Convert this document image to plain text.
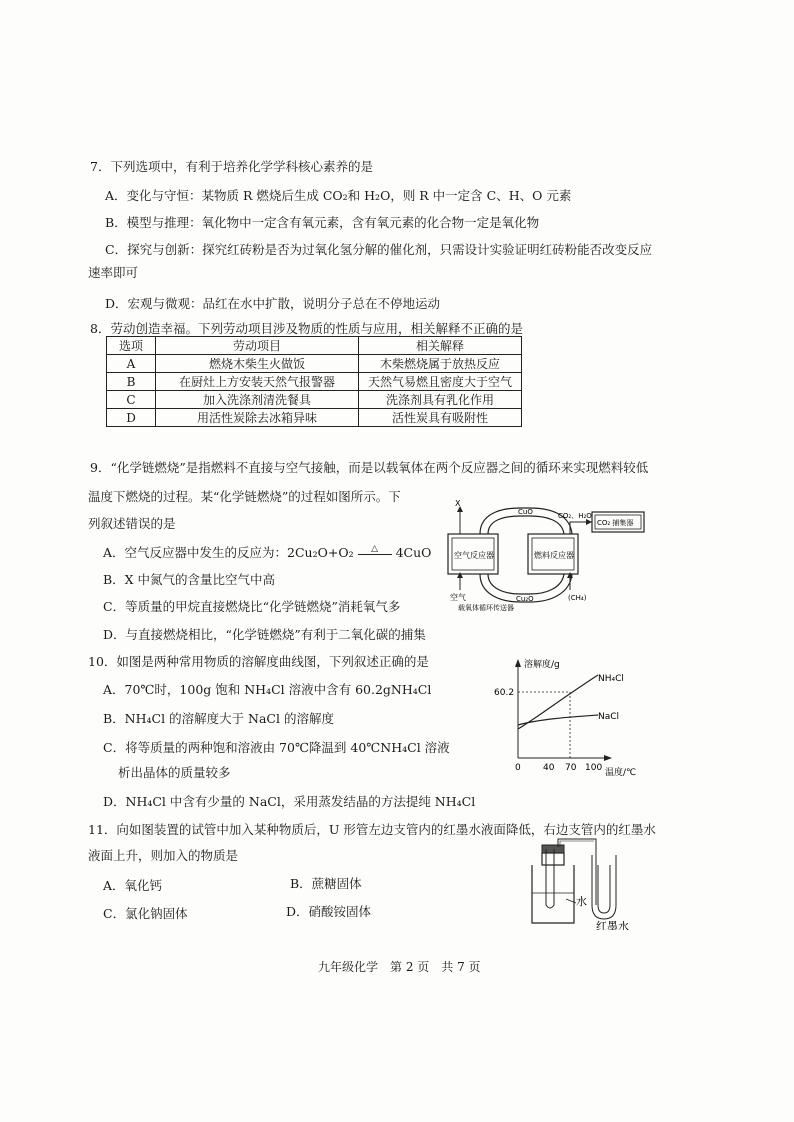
7．下列选项中，有利于培养化学学科核心素养的是
A．变化与守恒：某物质 R 燃烧后生成 CO₂和 H₂O，则 R 中一定含 C、H、O 元素
B．模型与推理：氧化物中一定含有氧元素，含有氧元素的化合物一定是氧化物
C．探究与创新：探究红砖粉是否为过氧化氢分解的催化剂，只需设计实验证明红砖粉能否改变反应
速率即可
D．宏观与微观：品红在水中扩散，说明分子总在不停地运动
8．劳动创造幸福。下列劳动项目涉及物质的性质与应用，相关解释不正确的是
选项	劳动项目	相关解释
A	燃烧木柴生火做饭	木柴燃烧属于放热反应
B	在厨灶上方安装天然气报警器	天然气易燃且密度大于空气
C	加入洗涤剂清洗餐具	洗涤剂具有乳化作用
D	用活性炭除去冰箱异味	活性炭具有吸附性
9．“化学链燃烧”是指燃料不直接与空气接触，而是以载氧体在两个反应器之间的循环来实现燃料较低
温度下燃烧的过程。某“化学链燃烧”的过程如图所示。下
列叙述错误的是
A．空气反应器中发生的反应为：2Cu₂O+O₂ △ 4CuO
B．X 中氮气的含量比空气中高
C．等质量的甲烷直接燃烧比“化学链燃烧”消耗氧气多
D．与直接燃烧相比，“化学链燃烧”有利于二氧化碳的捕集
CuO
Cu₂O
空气反应器	燃料反应器
X
空气	(CH₄)
CO₂、H₂O
CO₂ 捕集器
载氧体循环传送器
10．如图是两种常用物质的溶解度曲线图，下列叙述正确的是
A．70℃时，100g 饱和 NH₄Cl 溶液中含有 60.2gNH₄Cl
B．NH₄Cl 的溶解度大于 NaCl 的溶解度
C．将等质量的两种饱和溶液由 70℃降温到 40℃NH₄Cl 溶液
析出晶体的质量较多
D．NH₄Cl 中含有少量的 NaCl，采用蒸发结晶的方法提纯 NH₄Cl
溶解度/g
60.2
NH₄Cl
NaCl
0 40 70 100 温度/℃
11．向如图装置的试管中加入某种物质后，U 形管左边支管内的红墨水液面降低，右边支管内的红墨水
液面上升，则加入的物质是
A．氧化钙	B．蔗糖固体
C．氯化钠固体	D．硝酸铵固体
水
红墨水
九年级化学　第 2 页　共 7 页
